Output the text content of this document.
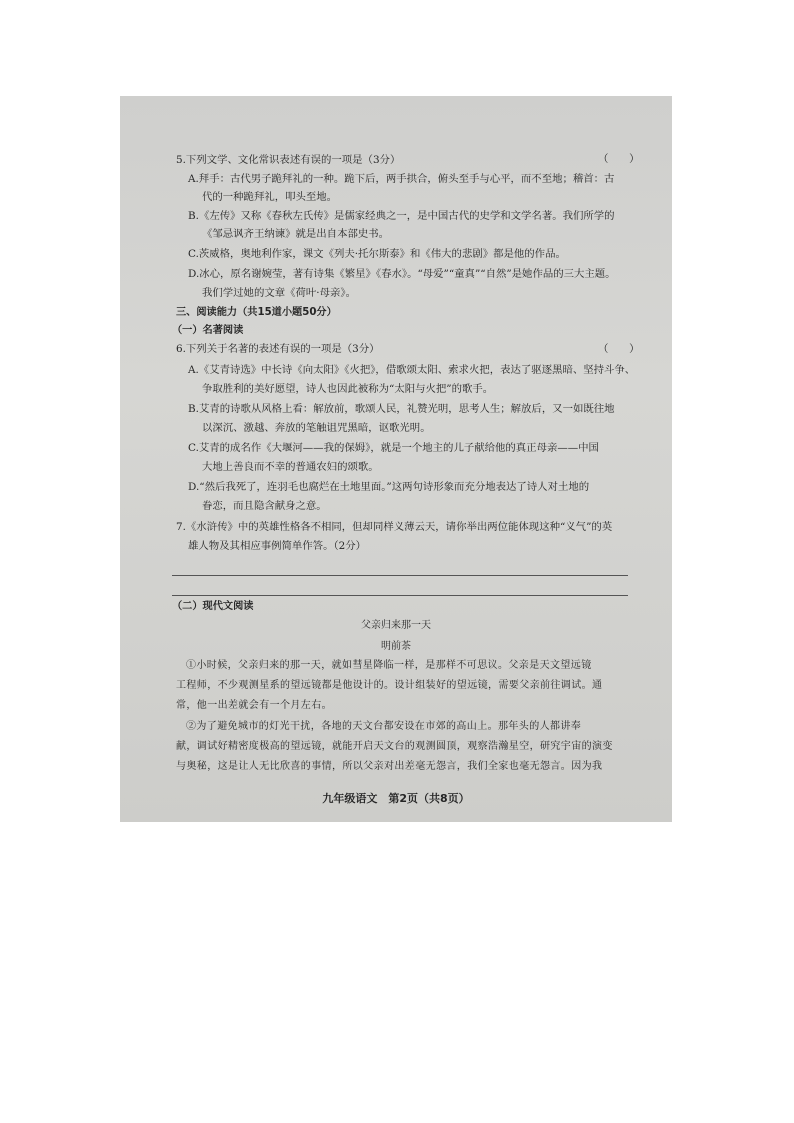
5.下列文学、文化常识表述有误的一项是（3分）	（　　）
A.拜手：古代男子跪拜礼的一种。跪下后，两手拱合，俯头至手与心平，而不至地；稽首：古
代的一种跪拜礼，叩头至地。
B.《左传》又称《春秋左氏传》是儒家经典之一，是中国古代的史学和文学名著。我们所学的
《邹忌讽齐王纳谏》就是出自本部史书。
C.茨威格，奥地利作家，课文《列夫·托尔斯泰》和《伟大的悲剧》都是他的作品。
D.冰心，原名谢婉莹，著有诗集《繁星》《春水》。“母爱”“童真”“自然”是她作品的三大主题。
我们学过她的文章《荷叶·母亲》。
三、阅读能力（共15道小题50分）
（一）名著阅读
6.下列关于名著的表述有误的一项是（3分）	（　　）
A.《艾青诗选》中长诗《向太阳》《火把》，借歌颂太阳、索求火把，表达了驱逐黑暗、坚持斗争、
争取胜利的美好愿望，诗人也因此被称为“太阳与火把”的歌手。
B.艾青的诗歌从风格上看：解放前，歌颂人民，礼赞光明，思考人生；解放后，又一如既往地
以深沉、激越、奔放的笔触诅咒黑暗，讴歌光明。
C.艾青的成名作《大堰河——我的保姆》，就是一个地主的儿子献给他的真正母亲——中国
大地上善良而不幸的普通农妇的颂歌。
D.“然后我死了，连羽毛也腐烂在土地里面。”这两句诗形象而充分地表达了诗人对土地的
眷恋，而且隐含献身之意。
7.《水浒传》中的英雄性格各不相同，但却同样义薄云天，请你举出两位能体现这种“义气”的英
雄人物及其相应事例简单作答。（2分）
（二）现代文阅读
父亲归来那一天
明前茶
①小时候，父亲归来的那一天，就如彗星降临一样，是那样不可思议。父亲是天文望远镜
工程师，不少观测星系的望远镜都是他设计的。设计组装好的望远镜，需要父亲前往调试。通
常，他一出差就会有一个月左右。
②为了避免城市的灯光干扰，各地的天文台都安设在市郊的高山上。那年头的人都讲奉
献，调试好精密度极高的望远镜，就能开启天文台的观测圆顶，观察浩瀚星空，研究宇宙的演变
与奥秘，这是让人无比欣喜的事情，所以父亲对出差毫无怨言，我们全家也毫无怨言。因为我
九年级语文　第2页（共8页）
